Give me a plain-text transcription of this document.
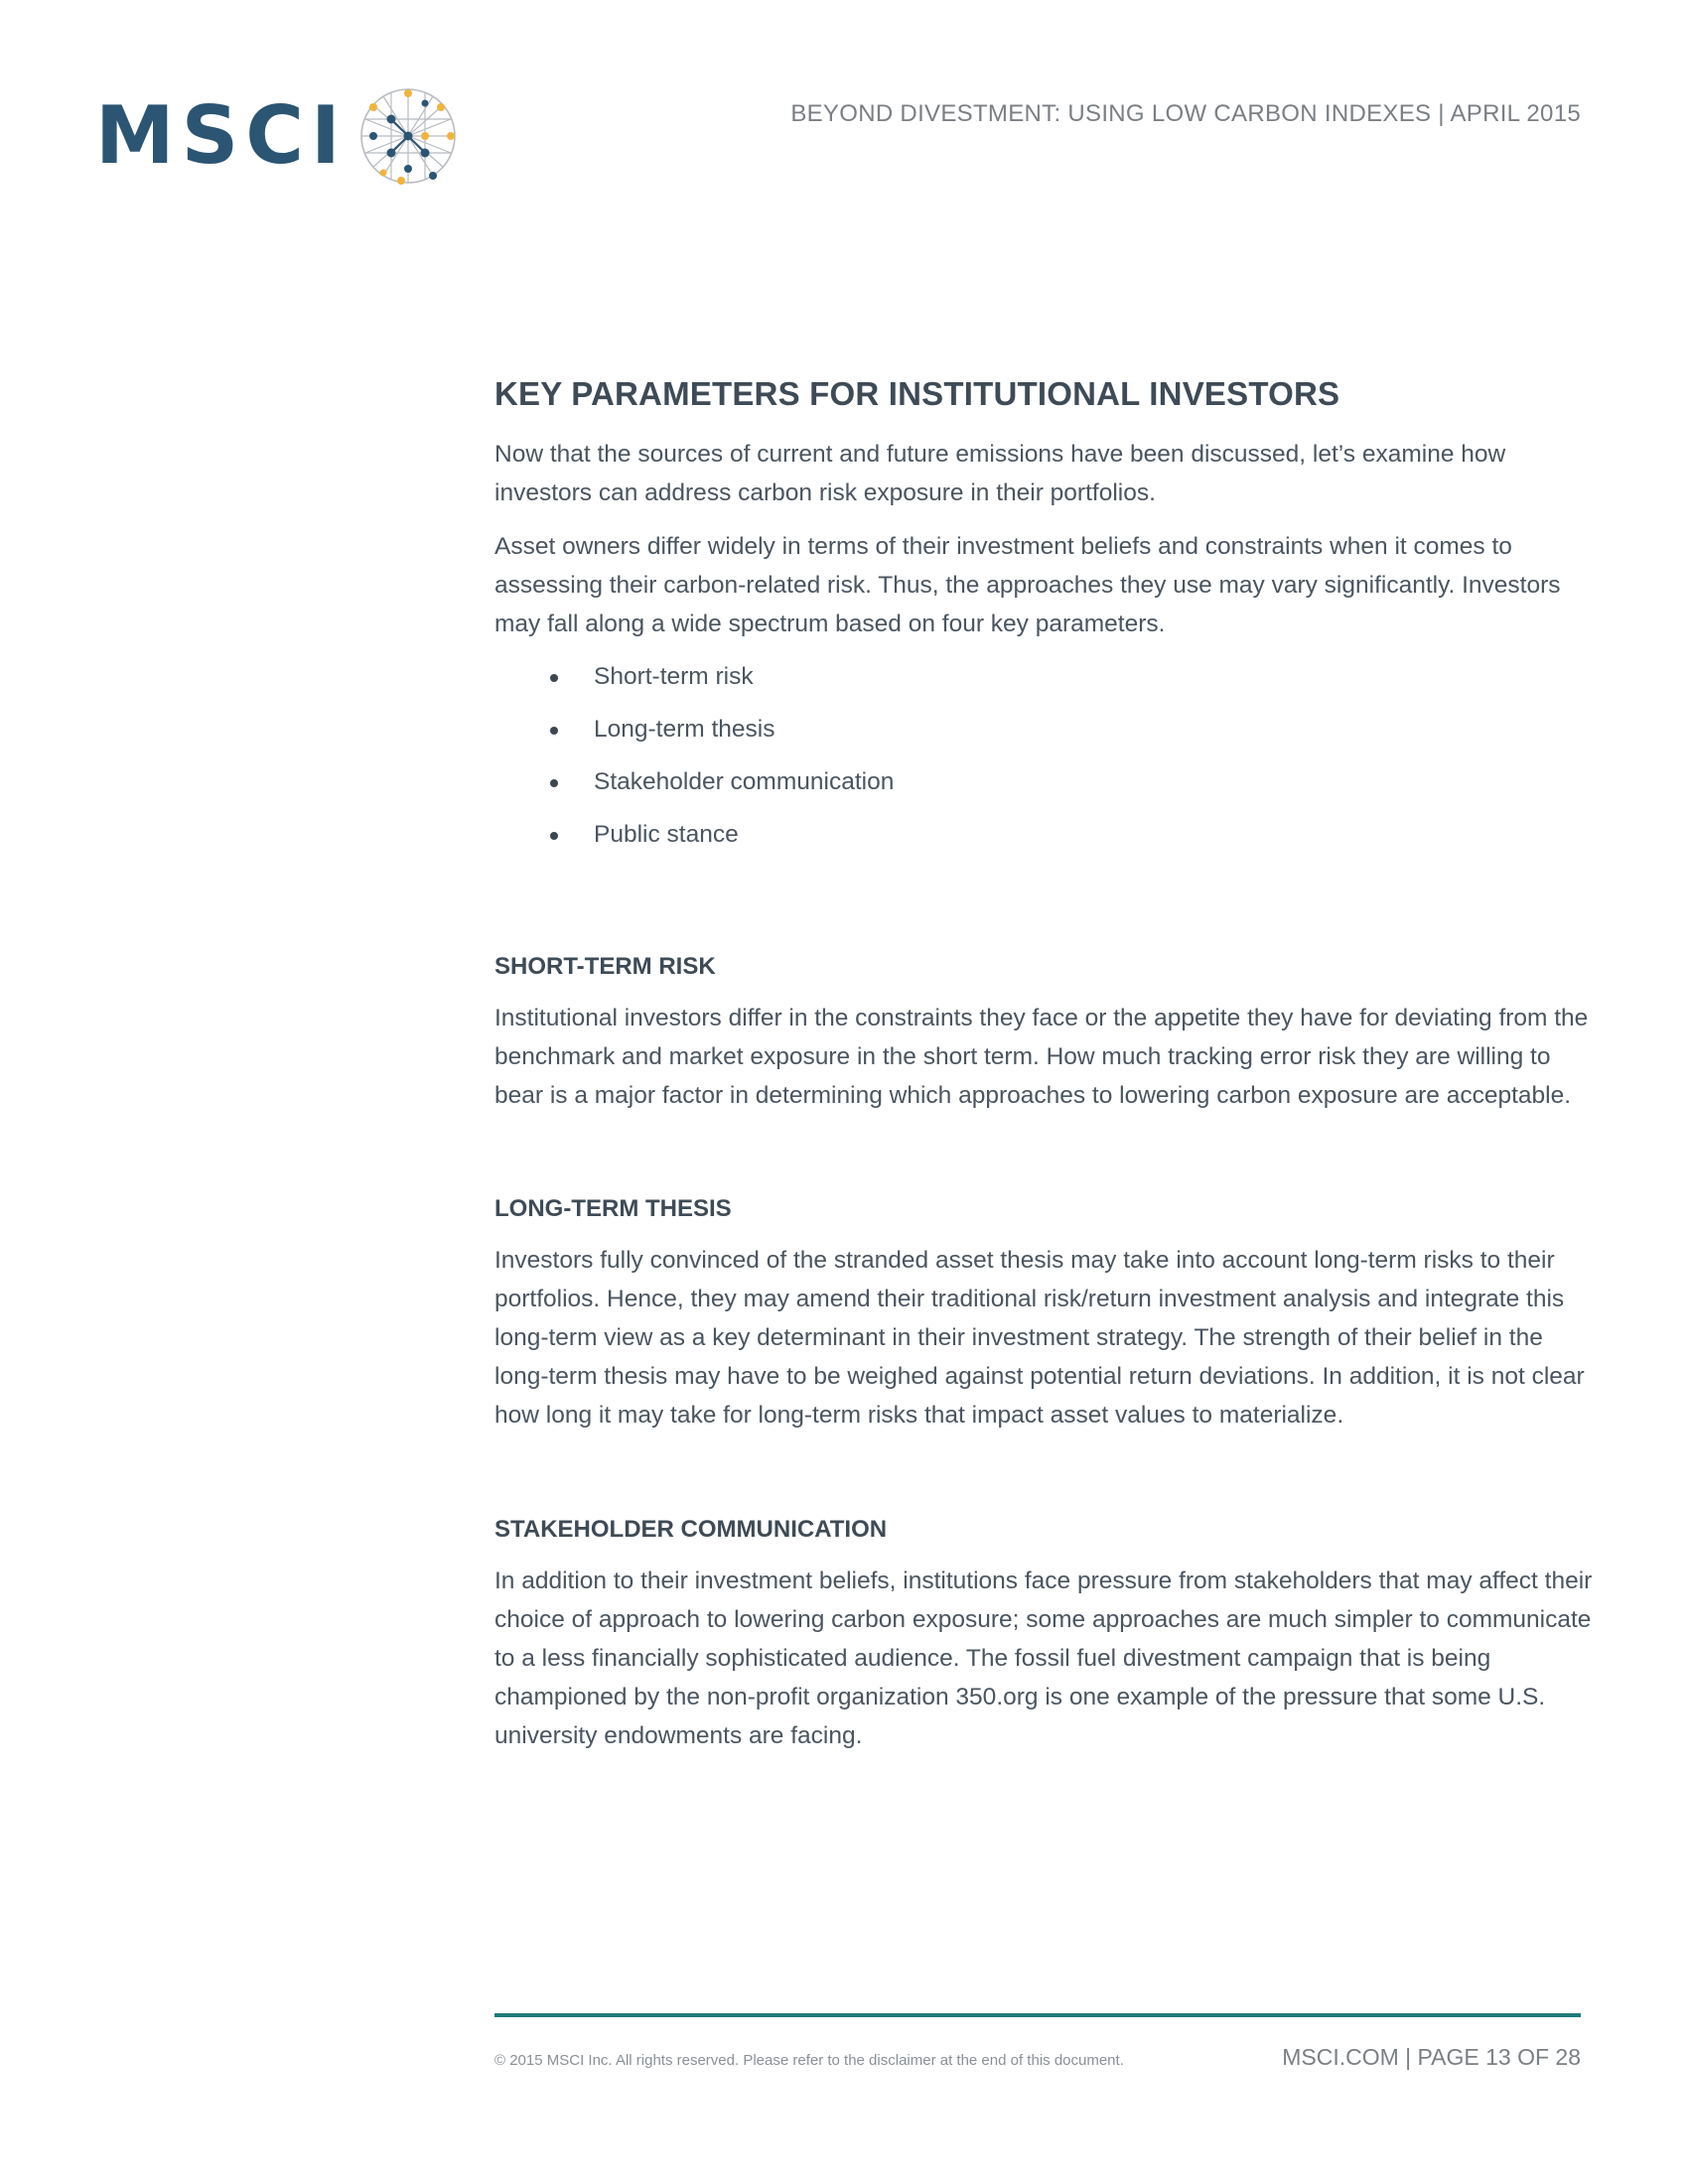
MSCI	BEYOND DIVESTMENT: USING LOW CARBON INDEXES | APRIL 2015
KEY PARAMETERS FOR INSTITUTIONAL INVESTORS

Now that the sources of current and future emissions have been discussed, let’s examine how investors can address carbon risk exposure in their portfolios.

Asset owners differ widely in terms of their investment beliefs and constraints when it comes to assessing their carbon-related risk. Thus, the approaches they use may vary significantly. Investors may fall along a wide spectrum based on four key parameters.

Short-term risk
Long-term thesis
Stakeholder communication
Public stance
SHORT-TERM RISK

Institutional investors differ in the constraints they face or the appetite they have for deviating from the benchmark and market exposure in the short term. How much tracking error risk they are willing to bear is a major factor in determining which approaches to lowering carbon exposure are acceptable.

LONG-TERM THESIS

Investors fully convinced of the stranded asset thesis may take into account long-term risks to their portfolios. Hence, they may amend their traditional risk/return investment analysis and integrate this long-term view as a key determinant in their investment strategy. The strength of their belief in the long-term thesis may have to be weighed against potential return deviations. In addition, it is not clear how long it may take for long-term risks that impact asset values to materialize.

STAKEHOLDER COMMUNICATION

In addition to their investment beliefs, institutions face pressure from stakeholders that may affect their choice of approach to lowering carbon exposure; some approaches are much simpler to communicate to a less financially sophisticated audience. The fossil fuel divestment campaign that is being championed by the non-profit organization 350.org is one example of the pressure that some U.S. university endowments are facing.

© 2015 MSCI Inc. All rights reserved. Please refer to the disclaimer at the end of this document.	MSCI.COM | PAGE 13 OF 28
